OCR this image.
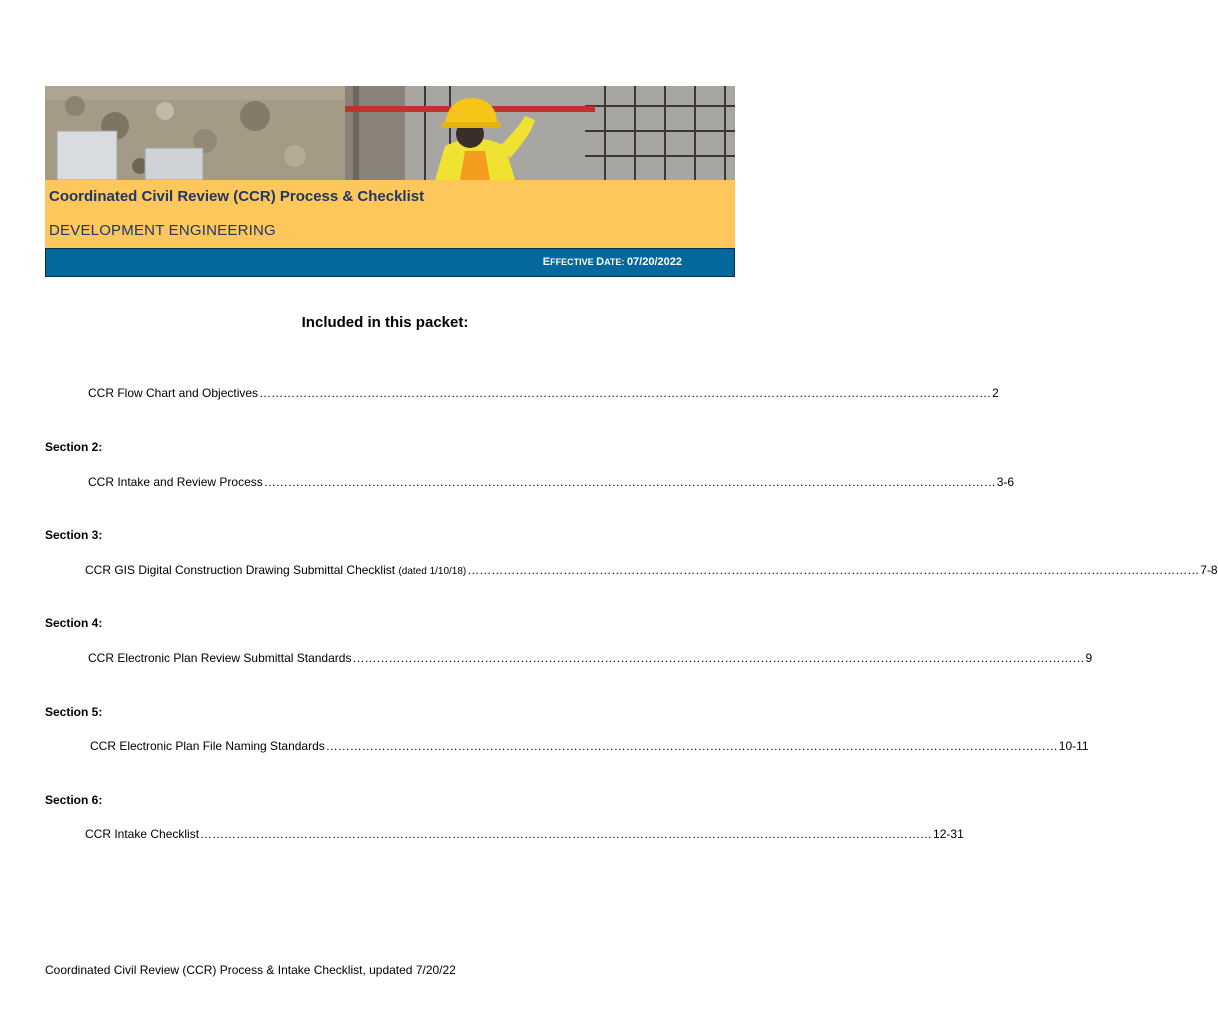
Coordinated Civil Review (CCR) Process & Checklist
DEVELOPMENT ENGINEERING
EFFECTIVE DATE: 07/20/2022
Included in this packet:
CCR Flow Chart and Objectives ………………………………………………………………………………………………………………………………………………………………… 2
Section 2:
CCR Intake and Review Process ………………………………………………………………………………………………………………………………………………………………… 3-6
Section 3:
CCR GIS Digital Construction Drawing Submittal Checklist (dated 1/10/18) ………………………………………………………………………………………………………………………………………………………………… 7-8
Section 4:
CCR Electronic Plan Review Submittal Standards ………………………………………………………………………………………………………………………………………………………………… 9
Section 5:
CCR Electronic Plan File Naming Standards ………………………………………………………………………………………………………………………………………………………………… 10-11
Section 6:
CCR Intake Checklist ………………………………………………………………………………………………………………………………………………………………… 12-31
Coordinated Civil Review (CCR) Process & Intake Checklist, updated 7/20/22
